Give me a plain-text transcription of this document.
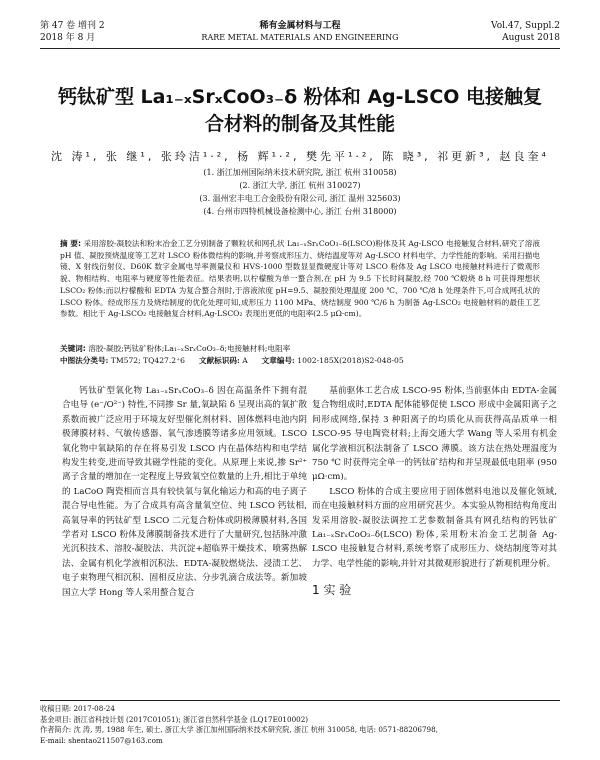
第 47 卷 增刊 2
2018 年 8 月
稀有金属材料与工程
RARE METAL MATERIALS AND ENGINEERING
Vol.47, Suppl.2
August 2018
钙钛矿型 La₁₋ₓSrₓCoO₃₋δ 粉体和 Ag-LSCO 电接触复
合材料的制备及其性能
沈 涛¹, 张 继¹, 张玲洁¹·², 杨 辉¹·², 樊先平¹·², 陈 晓³, 祁更新³, 赵良奎⁴
(1. 浙江加州国际纳米技术研究院, 浙江 杭州 310058)
(2. 浙江大学, 浙江 杭州 310027)
(3. 温州宏丰电工合金股份有限公司, 浙江 温州 325603)
(4. 台州市四特机械设备检测中心, 浙江 台州 318000)
摘 要: 采用溶胶-凝胶法和粉末冶金工艺分别制备了颗粒状和网孔状 La₁₋ₓSrₓCoO₃₋δ(LSCO)粉体及其 Ag-LSCO 电接触复合材料,研究了溶液 pH 值、凝胶预烧温度等工艺对 LSCO 粉体微结构的影响,并考察成形压力、烧结温度等对 Ag-LSCO 材料电学、力学性能的影响。采用扫描电镜、X 射线衍射仪、D60K 数字金属电导率测量仪和 HVS-1000 型数显显微硬度计等对 LSCO 粉体及 Ag LSCO 电接触材料进行了微观形貌、物相结构、电阻率与硬度等性能表征。结果表明,以柠檬酸为单一螯合剂,在 pH 为 9.5 下长时间凝胶,经 700 ℃煅烧 8 h 可获得理想状 LSCO₂ 粉体;而以柠檬酸和 EDTA 为复合螯合剂时,于溶液浓度 pH=9.5、凝胶预处理温度 200 ℃、700 ℃/8 h 处理条件下,可合成网孔状的 LSCO 粉体。经成形压力及烧结制度的优化处理可知,成形压力 1100 MPa、烧结制度 900 ℃/6 h 为制备 Ag-LSCO₂ 电接触材料的最佳工艺参数。相比于 Ag-LSCO₂ 电接触复合材料,Ag-LSCO₂ 表现出更低的电阻率(2.5 μΩ·cm)。
关键词: 溶胶-凝胶;钙钛矿粉体;La₁₋ₓSrₓCoO₃₋δ;电接触材料;电阻率
中图法分类号: TM572; TQ427.2⁺6 文献标识码: A 文章编号: 1002-185X(2018)S2-048-05

钙钛矿型氧化物 La₁₋ₓSrₓCoO₃₋δ 因在高温条件下拥有混合电导 (e⁻/O²⁻) 特性,不同掺 Sr 量,氧缺陷 δ 呈现出高的氧扩散系数而被广泛应用于环境友好型催化剂材料、固体燃料电池内阴极薄膜材料、气敏传感器、氧气渗透膜等诸多应用领域。LSCO 氧化物中氧缺陷的存在将易引发 LSCO 内在晶体结构和电学结构发生转变,进而导致其磁学性能的变化。从原理上来说,掺 Sr²⁺ 离子含量的增加在一定程度上导致氧空位数量的上升,相比于单纯的 LaCoO 陶瓷相而言具有较快氧与氧化输运力和高的电子离子混合导电性能。为了合成具有高含量氧空位、纯 LSCO 钙钛相,高氧导率的钙钛矿型 LSCO 二元复合粉体或阴极薄膜材料,各国学者对 LSCO 粉体及薄膜制备技术进行了大量研究,包括脉冲激光沉积技术、溶胶-凝胶法、共沉淀+超临界干燥技术、喷雾热解法、金属有机化学液相沉积法、EDTA-凝胶燃烧法、浸渍工艺、电子束物理气相沉积、固相反应法、分步乳滴合成法等。新加坡国立大学 Hong 等人采用螯合复合

基前驱体工艺合成 LSCO-95 粉体,当前驱体由 EDTA-金属复合物组成时,EDTA 配体能够促使 LSCO 形成中金属阳离子之间形成网络,保持 3 种阳离子的均质化从而获得高品质单一相 LSCO-95 导电陶瓷材料;上海交通大学 Wang 等人采用有机金属化学液相沉积法制备了 LSCO 薄膜。该方法在热处理温度为 750 ℃ 时获得完全单一的钙钛矿结构和并呈现最低电阻率 (950 μΩ·cm)。

LSCO 粉体的合成主要应用于固体燃料电池以及催化领域,而在电接触材料方面的应用研究甚少。本实验从物相结构角度出发采用溶胶-凝胶法调控工艺参数制备具有网孔结构的钙钛矿 La₁₋ₓSrₓCoO₃₋δ(LSCO) 粉体,采用粉末冶金工艺制备 Ag-LSCO 电接触复合材料,系统考察了成形压力、烧结制度等对其力学、电学性能的影响,并针对其微观形貌进行了新观机理分析。

1 实 验
收稿日期: 2017-08-24
基金项目: 浙江省科技计划 (2017C01051); 浙江省自然科学基金 (LQ17E010002)
作者简介: 沈 涛, 男, 1988 年生, 硕士, 浙江大学 浙江加州国际纳米技术研究院, 浙江 杭州 310058, 电话: 0571-88206798,
E-mail: shentao211507@163.com
